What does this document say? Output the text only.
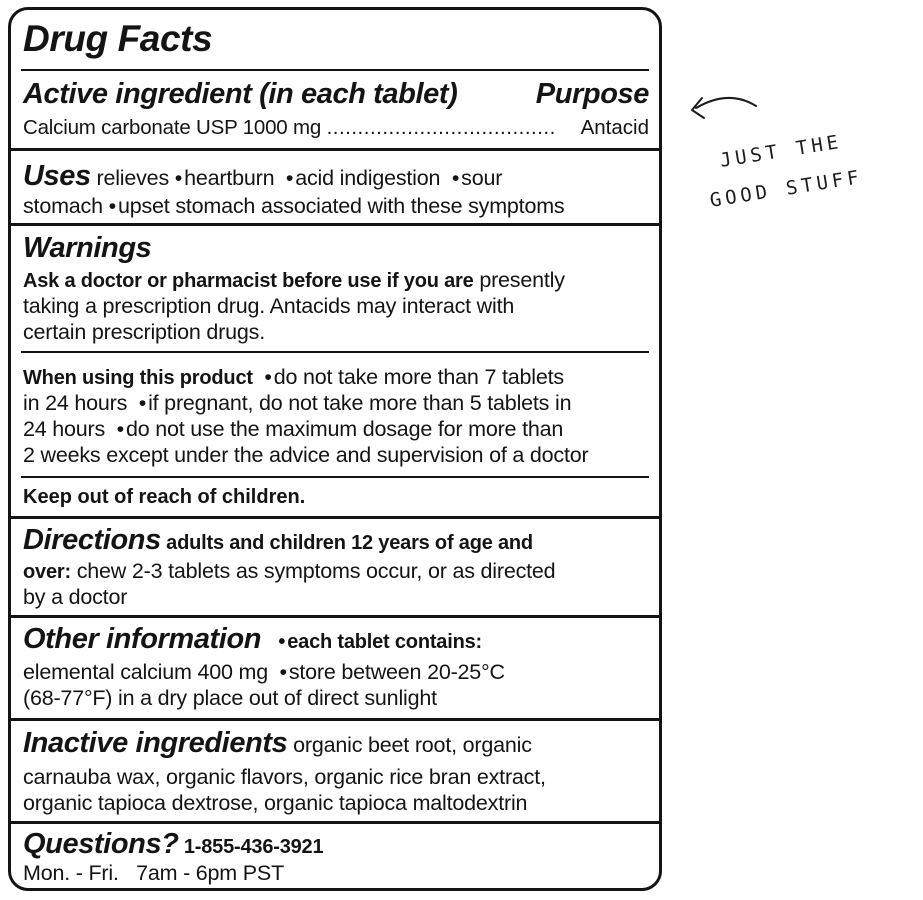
Drug Facts
Active ingredient (in each tablet)	Purpose
Calcium carbonate USP 1000 mg ..................................... Antacid
Uses relieves •heartburn  •acid indigestion  •sour
stomach •upset stomach associated with these symptoms
Warnings
Ask a doctor or pharmacist before use if you are presently
taking a prescription drug. Antacids may interact with
certain prescription drugs.
When using this product •do not take more than 7 tablets
in 24 hours  •if pregnant, do not take more than 5 tablets in
24 hours  •do not use the maximum dosage for more than
2 weeks except under the advice and supervision of a doctor
Keep out of reach of children.
Directions adults and children 12 years of age and
over: chew 2-3 tablets as symptoms occur, or as directed
by a doctor
Other information • each tablet contains:
elemental calcium 400 mg  •store between 20-25°C
(68-77°F) in a dry place out of direct sunlight
Inactive ingredients organic beet root, organic
carnauba wax, organic flavors, organic rice bran extract,
organic tapioca dextrose, organic tapioca maltodextrin
Questions? 1-855-436-3921
Mon. - Fri.   7am - 6pm PST
JUST THE
GOOD STUFF
